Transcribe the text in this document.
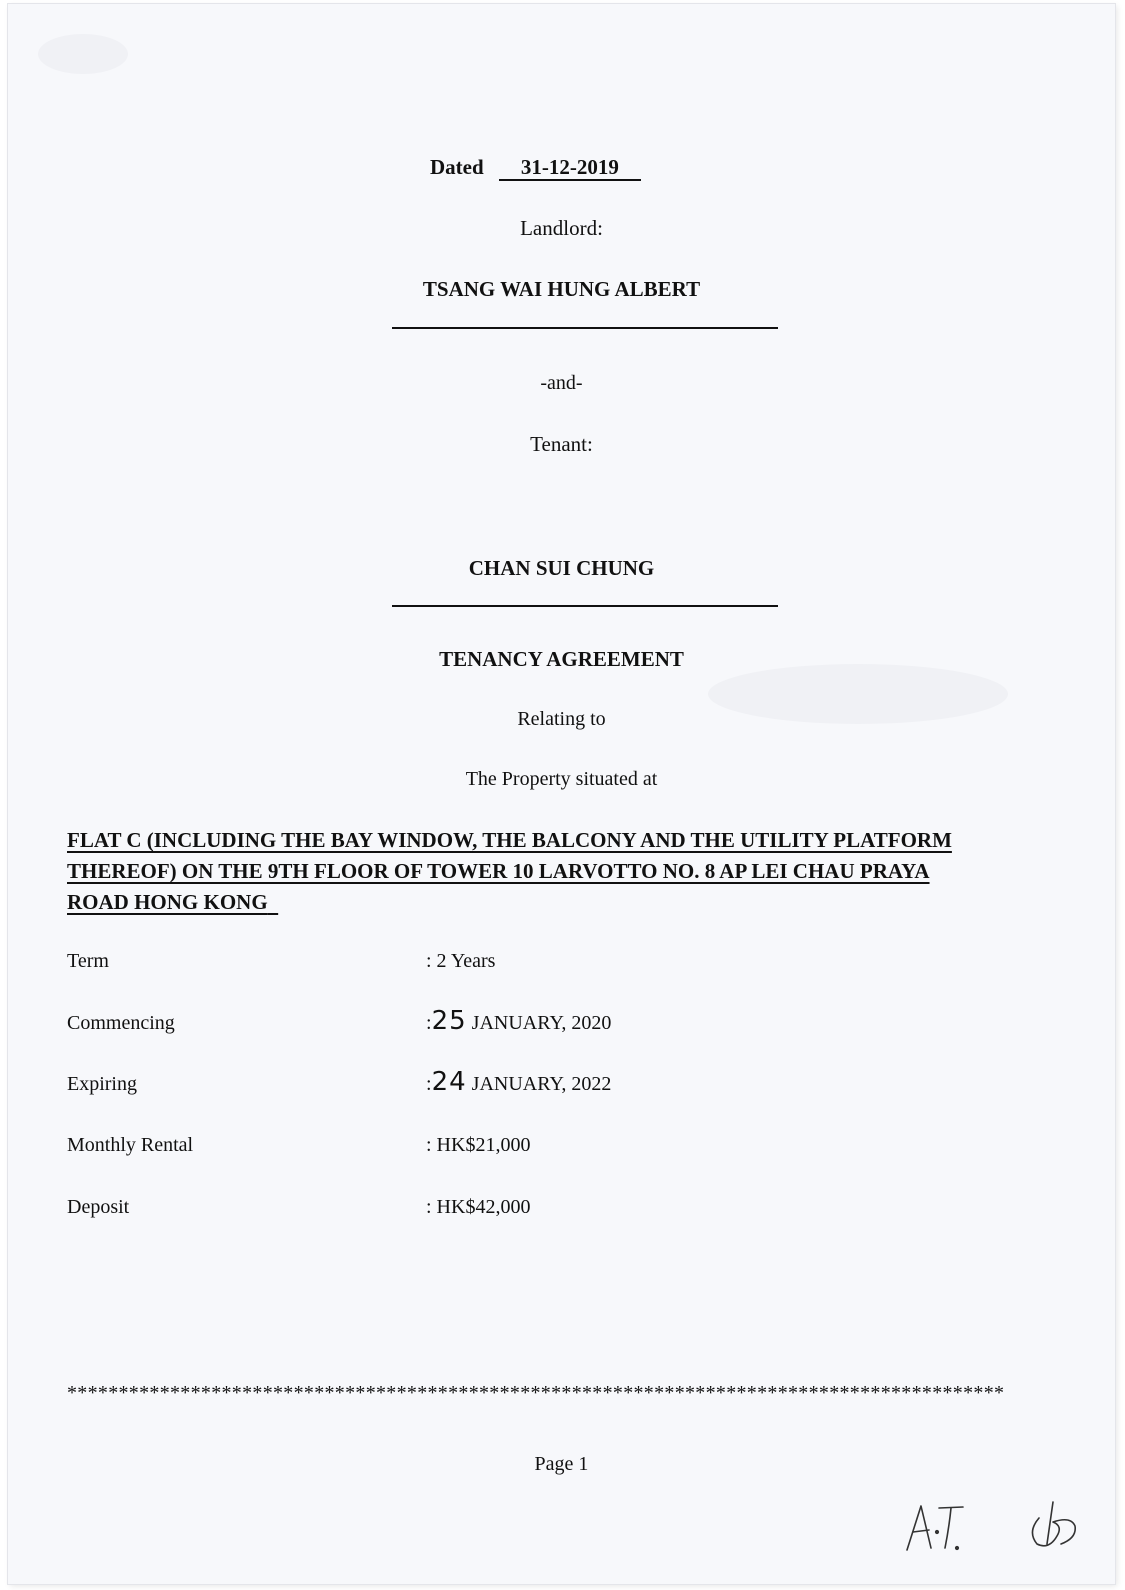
Dated 31-12-2019
Landlord:
TSANG WAI HUNG ALBERT
-and-
Tenant:
CHAN SUI CHUNG
TENANCY AGREEMENT
Relating to
The Property situated at
FLAT C (INCLUDING THE BAY WINDOW, THE BALCONY AND THE UTILITY PLATFORM
THEREOF) ON THE 9TH FLOOR OF TOWER 10 LARVOTTO NO. 8 AP LEI CHAU PRAYA
ROAD HONG KONG
Term	: 2 Years
Commencing	:25 JANUARY, 2020
Expiring	:24 JANUARY, 2022
Monthly Rental	: HK$21,000
Deposit	: HK$42,000
*******************************************************************************************
Page 1
